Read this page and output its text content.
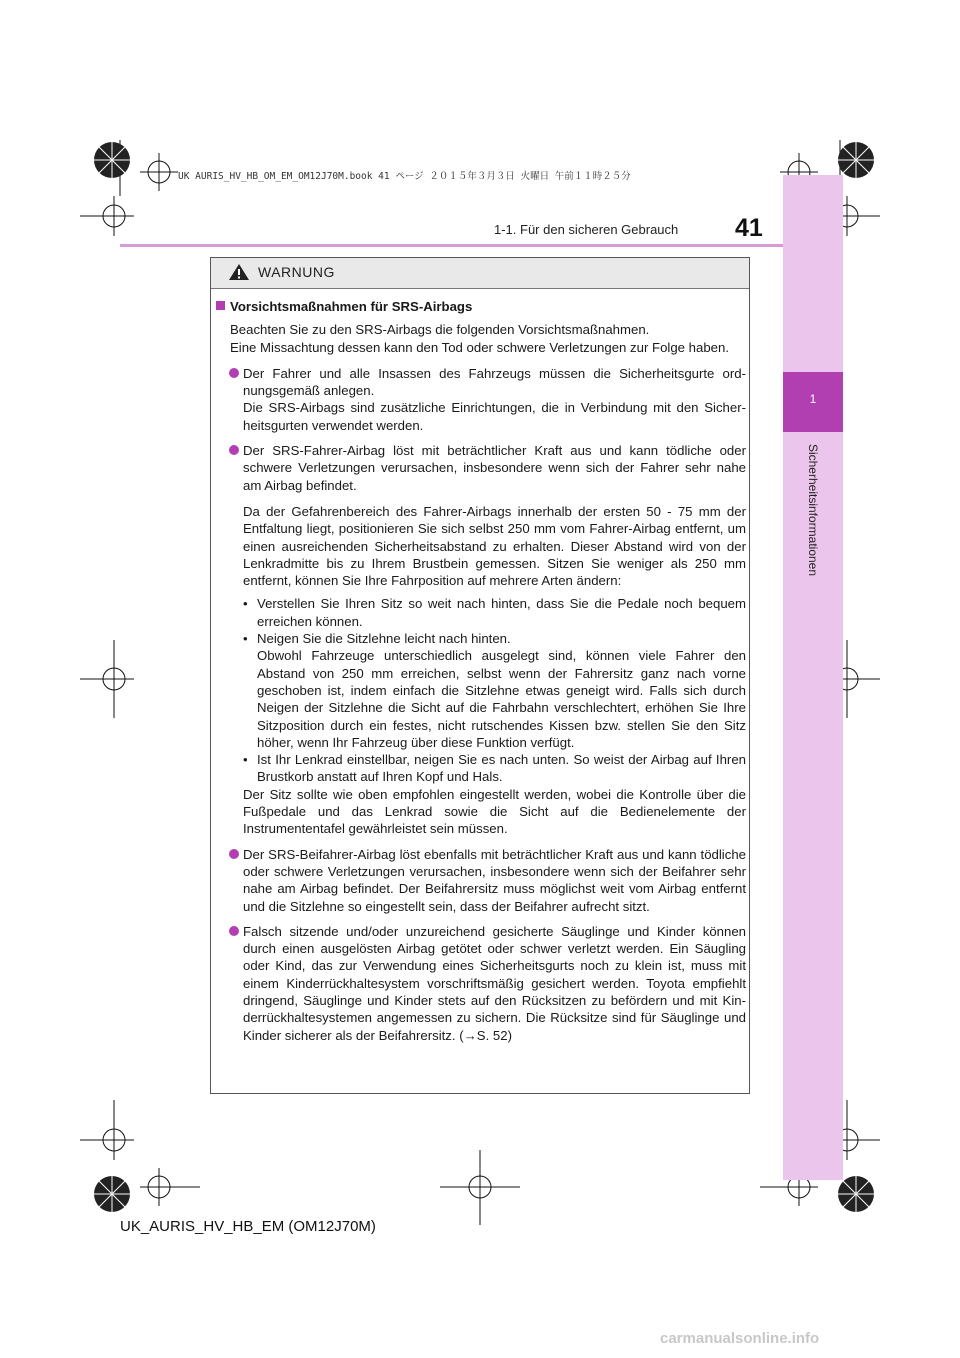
UK AURIS_HV_HB_OM_EM_OM12J70M.book 41 ページ ２０１５年３月３日 火曜日 午前１１時２５分
1
Sicherheitsinformationen
1-1. Für den sicheren Gebrauch 41
WARNUNG
Vorsichtsmaßnahmen für SRS-Airbags
Beachten Sie zu den SRS-Airbags die folgenden Vorsichtsmaßnahmen.
Eine Missachtung dessen kann den Tod oder schwere Verletzungen zur Folge haben.
Der Fahrer und alle Insassen des Fahrzeugs müssen die Sicherheitsgurte ordnungsgemäß anlegen.
Die SRS-Airbags sind zusätzliche Einrichtungen, die in Verbindung mit den Sicherheitsgurten verwendet werden.
Der SRS-Fahrer-Airbag löst mit beträchtlicher Kraft aus und kann tödliche oder schwere Verletzungen verursachen, insbesondere wenn sich der Fahrer sehr nahe am Airbag befindet.
Da der Gefahrenbereich des Fahrer-Airbags innerhalb der ersten 50 - 75 mm der Entfaltung liegt, positionieren Sie sich selbst 250 mm vom Fahrer-Airbag entfernt, um einen ausreichenden Sicherheitsabstand zu erhalten. Dieser Abstand wird von der Lenkradmitte bis zu Ihrem Brustbein gemessen. Sitzen Sie weniger als 250 mm entfernt, können Sie Ihre Fahrposition auf mehrere Arten ändern:
• Verstellen Sie Ihren Sitz so weit nach hinten, dass Sie die Pedale noch bequem erreichen können.
• Neigen Sie die Sitzlehne leicht nach hinten.
Obwohl Fahrzeuge unterschiedlich ausgelegt sind, können viele Fahrer den Abstand von 250 mm erreichen, selbst wenn der Fahrersitz ganz nach vorne geschoben ist, indem einfach die Sitzlehne etwas geneigt wird. Falls sich durch Neigen der Sitzlehne die Sicht auf die Fahrbahn verschlechtert, erhöhen Sie Ihre Sitzposition durch ein festes, nicht rutschendes Kissen bzw. stellen Sie den Sitz höher, wenn Ihr Fahrzeug über diese Funktion verfügt.
• Ist Ihr Lenkrad einstellbar, neigen Sie es nach unten. So weist der Airbag auf Ihren Brustkorb anstatt auf Ihren Kopf und Hals.
Der Sitz sollte wie oben empfohlen eingestellt werden, wobei die Kontrolle über die Fußpedale und das Lenkrad sowie die Sicht auf die Bedienelemente der Instrumententafel gewährleistet sein müssen.
Der SRS-Beifahrer-Airbag löst ebenfalls mit beträchtlicher Kraft aus und kann tödliche oder schwere Verletzungen verursachen, insbesondere wenn sich der Beifahrer sehr nahe am Airbag befindet. Der Beifahrersitz muss möglichst weit vom Airbag entfernt und die Sitzlehne so eingestellt sein, dass der Beifahrer aufrecht sitzt.
Falsch sitzende und/oder unzureichend gesicherte Säuglinge und Kinder können durch einen ausgelösten Airbag getötet oder schwer verletzt werden. Ein Säugling oder Kind, das zur Verwendung eines Sicherheitsgurts noch zu klein ist, muss mit einem Kinderrückhaltesystem vorschriftsmäßig gesichert werden. Toyota empfiehlt dringend, Säuglinge und Kinder stets auf den Rücksitzen zu befördern und mit Kinderrückhaltesystemen angemessen zu sichern. Die Rücksitze sind für Säuglinge und Kinder sicherer als der Beifahrersitz. (→S. 52)
UK_AURIS_HV_HB_EM (OM12J70M)
carmanualsonline.info
